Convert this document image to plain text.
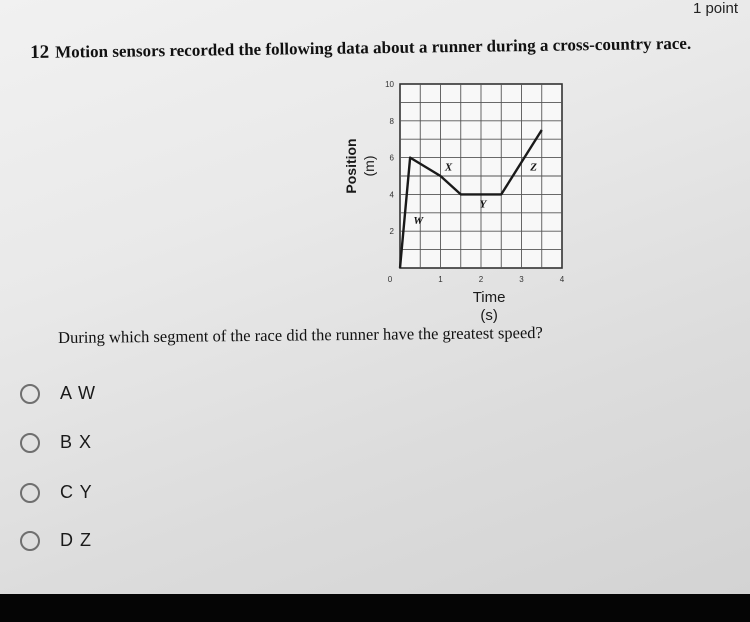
1 point
12 Motion sensors recorded the following data about a runner during a cross-country race.
2
4
6
8
10
0	1	2	3	4
W
X
Y
Z
Time
(s)
Position (m)
During which segment of the race did the runner have the greatest speed?
A W
B X
C Y
D Z
